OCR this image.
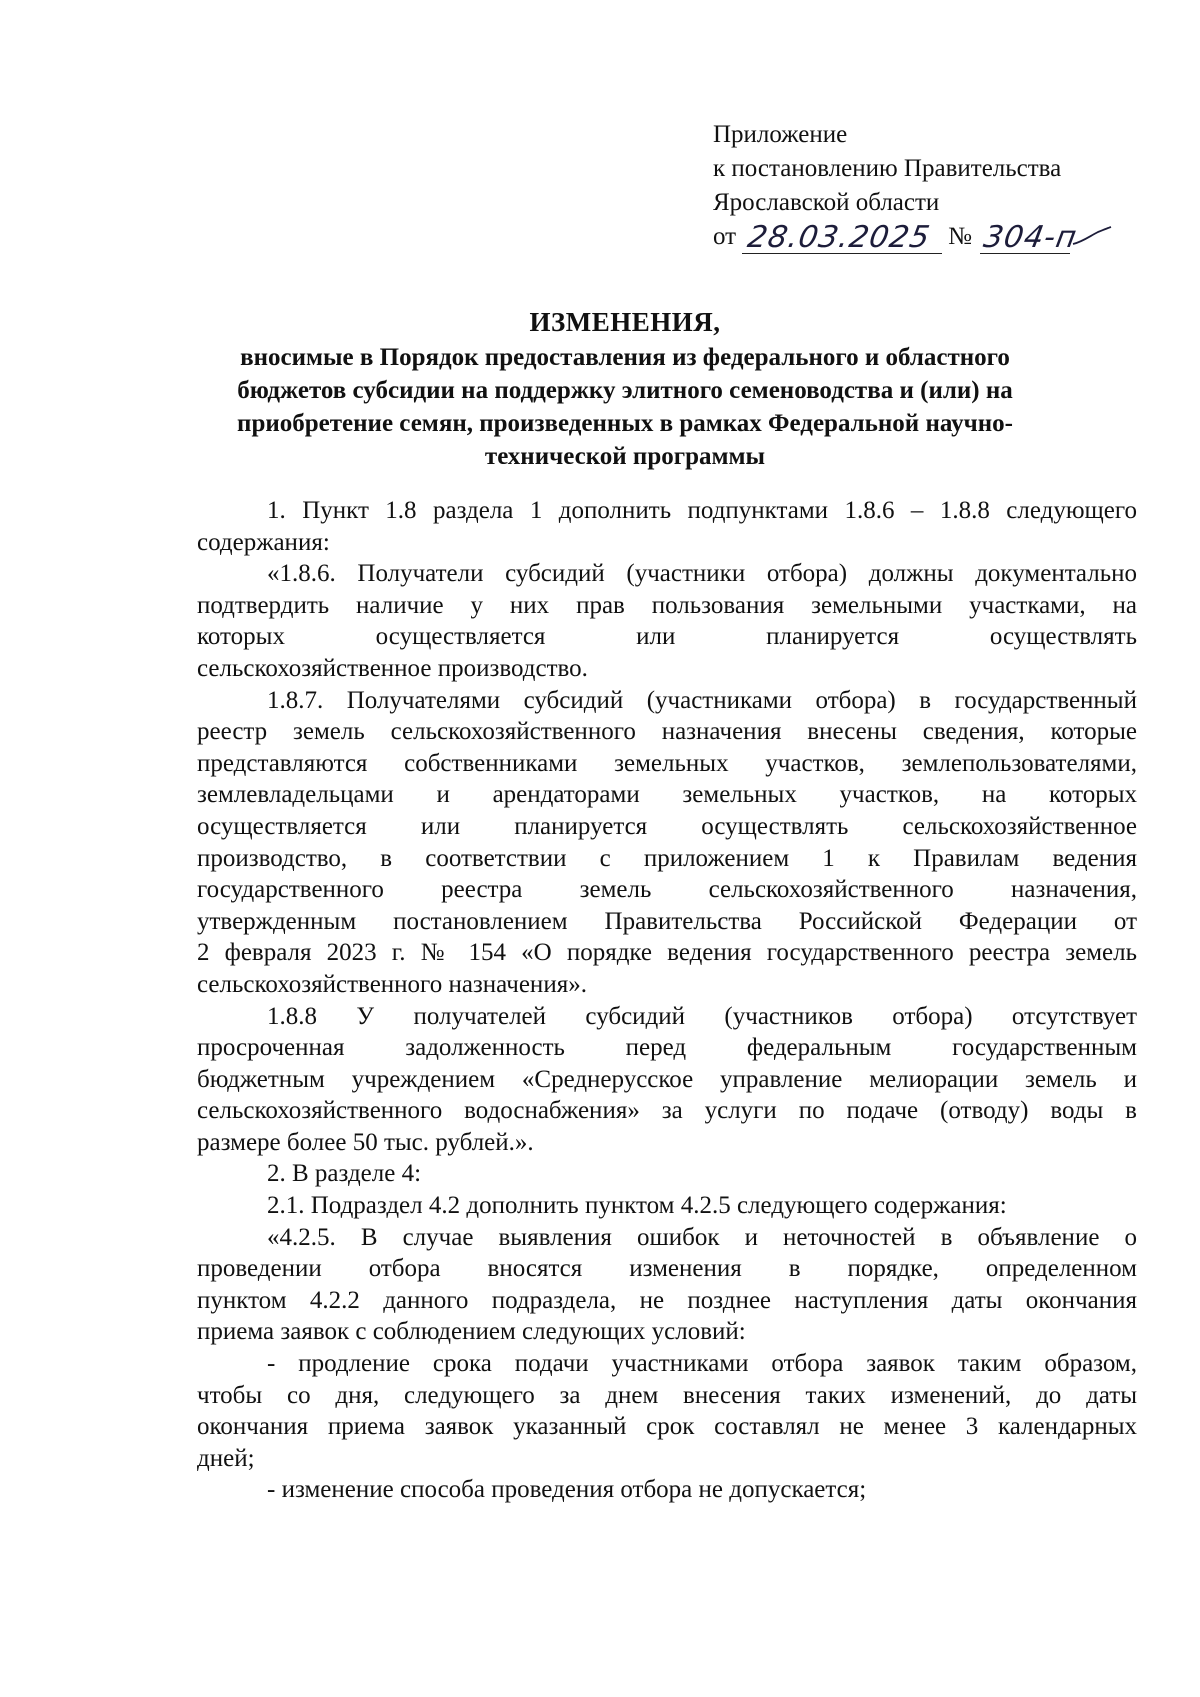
Приложение
к постановлению Правительства
Ярославской области
от 28.03.2025 № 304-п
ИЗМЕНЕНИЯ,
вносимые в Порядок предоставления из федерального и областного
бюджетов субсидии на поддержку элитного семеноводства и (или) на
приобретение семян, произведенных в рамках Федеральной научно-
технической программы

1. Пункт 1.8 раздела 1 дополнить подпунктами 1.8.6 – 1.8.8 следующего
содержания:

«1.8.6. Получатели субсидий (участники отбора) должны документально
подтвердить наличие у них прав пользования земельными участками, на
которых осуществляется или планируется осуществлять
сельскохозяйственное производство.

1.8.7. Получателями субсидий (участниками отбора) в государственный
реестр земель сельскохозяйственного назначения внесены сведения, которые
представляются собственниками земельных участков, землепользователями,
землевладельцами и арендаторами земельных участков, на которых
осуществляется или планируется осуществлять сельскохозяйственное
производство, в соответствии с приложением 1 к Правилам ведения
государственного реестра земель сельскохозяйственного назначения,
утвержденным постановлением Правительства Российской Федерации от
2 февраля 2023 г. № 154 «О порядке ведения государственного реестра земель
сельскохозяйственного назначения».

1.8.8 У получателей субсидий (участников отбора) отсутствует
просроченная задолженность перед федеральным государственным
бюджетным учреждением «Среднерусское управление мелиорации земель и
сельскохозяйственного водоснабжения» за услуги по подаче (отводу) воды в
размере более 50 тыс. рублей.».

2. В разделе 4:

2.1. Подраздел 4.2 дополнить пунктом 4.2.5 следующего содержания:

«4.2.5. В случае выявления ошибок и неточностей в объявление о
проведении отбора вносятся изменения в порядке, определенном
пунктом 4.2.2 данного подраздела, не позднее наступления даты окончания
приема заявок с соблюдением следующих условий:

- продление срока подачи участниками отбора заявок таким образом,
чтобы со дня, следующего за днем внесения таких изменений, до даты
окончания приема заявок указанный срок составлял не менее 3 календарных
дней;

- изменение способа проведения отбора не допускается;
